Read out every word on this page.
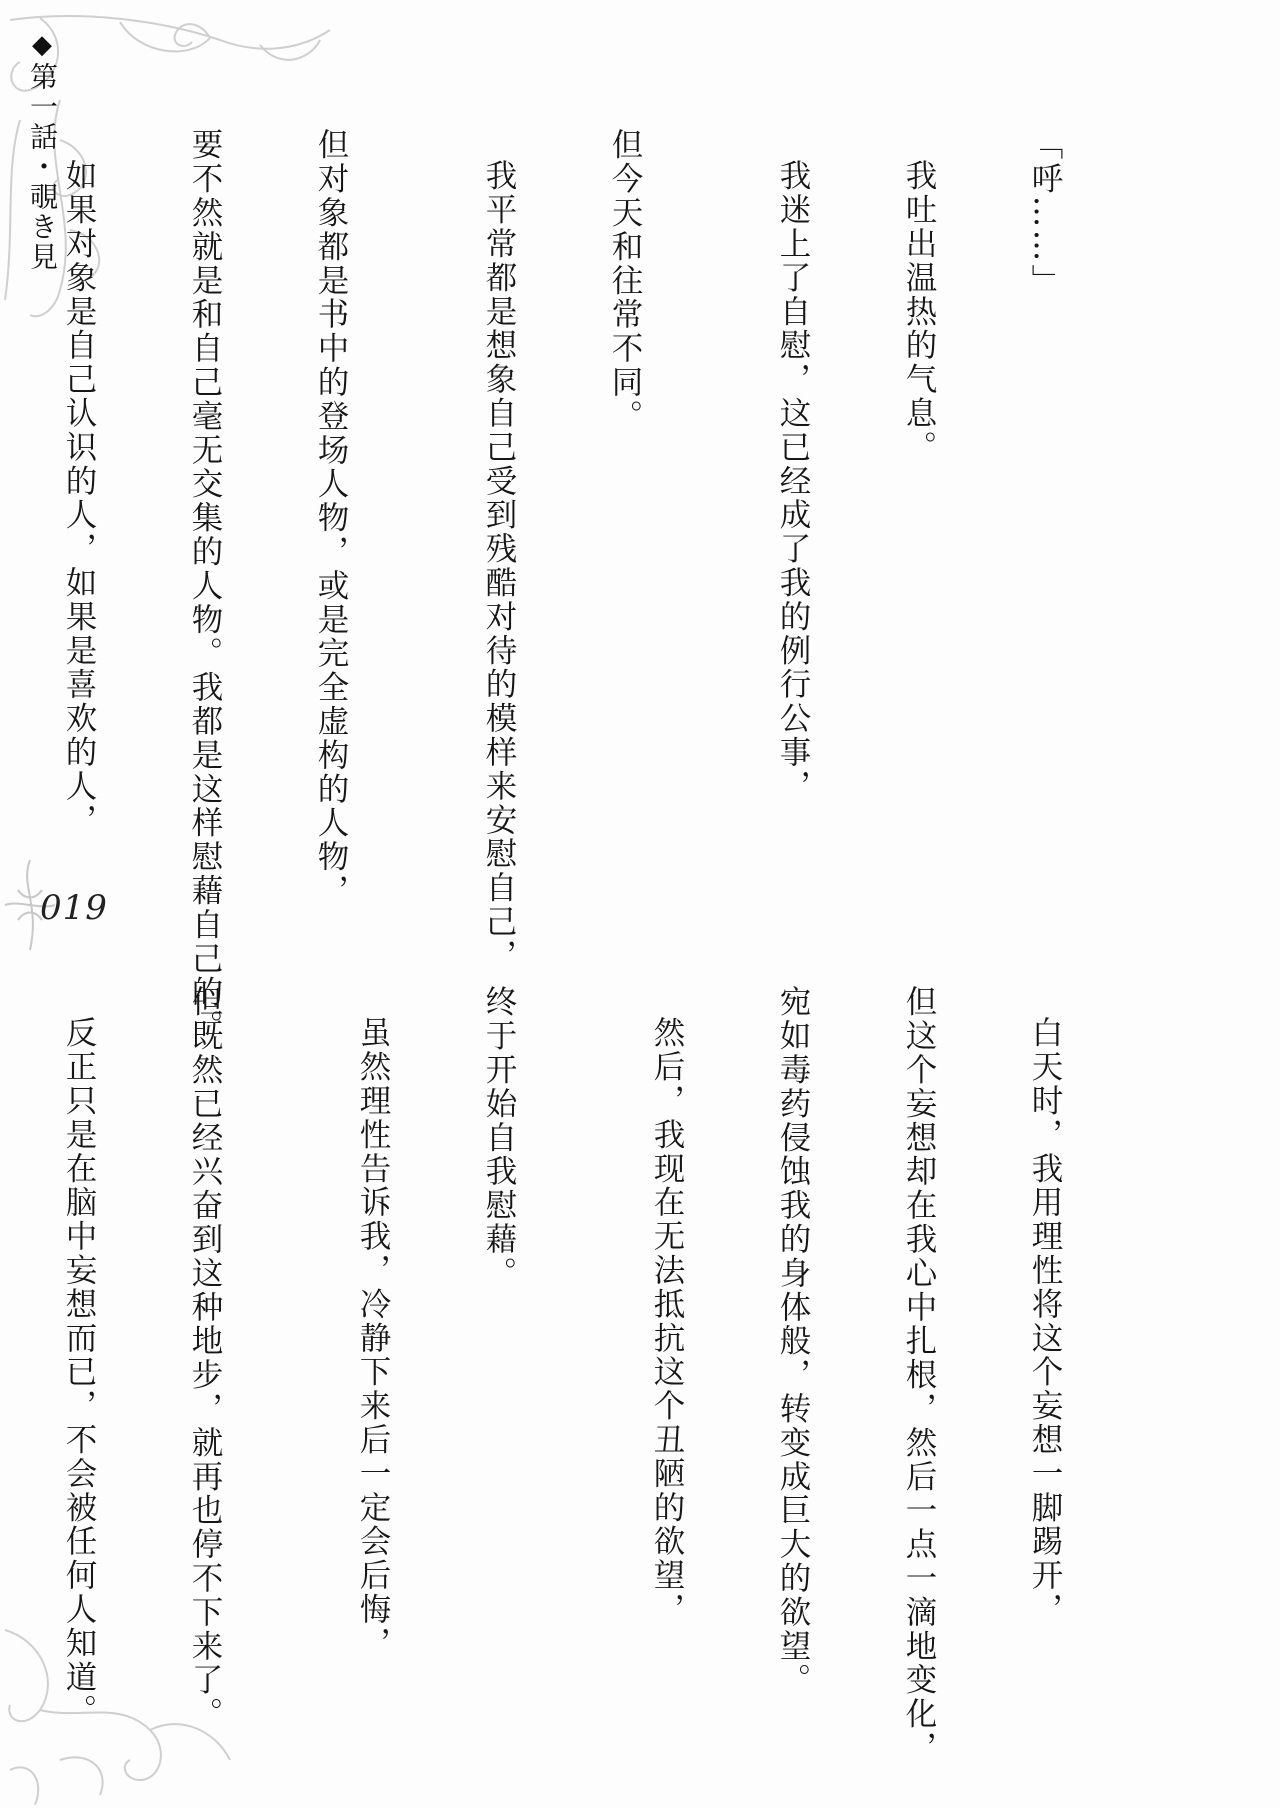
◆第一話・覗き見
019

「呼……」

我吐出温热的气息。

我迷上了自慰，这已经成了我的例行公事，

但今天和往常不同。

我平常都是想象自己受到残酷对待的模样来安慰自己，

但对象都是书中的登场人物，或是完全虚构的人物，

要不然就是和自己毫无交集的人物。我都是这样慰藉自己的。

如果对象是自己认识的人，如果是喜欢的人，

白天时，我用理性将这个妄想一脚踢开，

但这个妄想却在我心中扎根，然后一点一滴地变化，

宛如毒药侵蚀我的身体般，转变成巨大的欲望。

然后，我现在无法抵抗这个丑陋的欲望，

终于开始自我慰藉。

虽然理性告诉我，冷静下来后一定会后悔，

但既然已经兴奋到这种地步，就再也停不下来了。

反正只是在脑中妄想而已，不会被任何人知道。
